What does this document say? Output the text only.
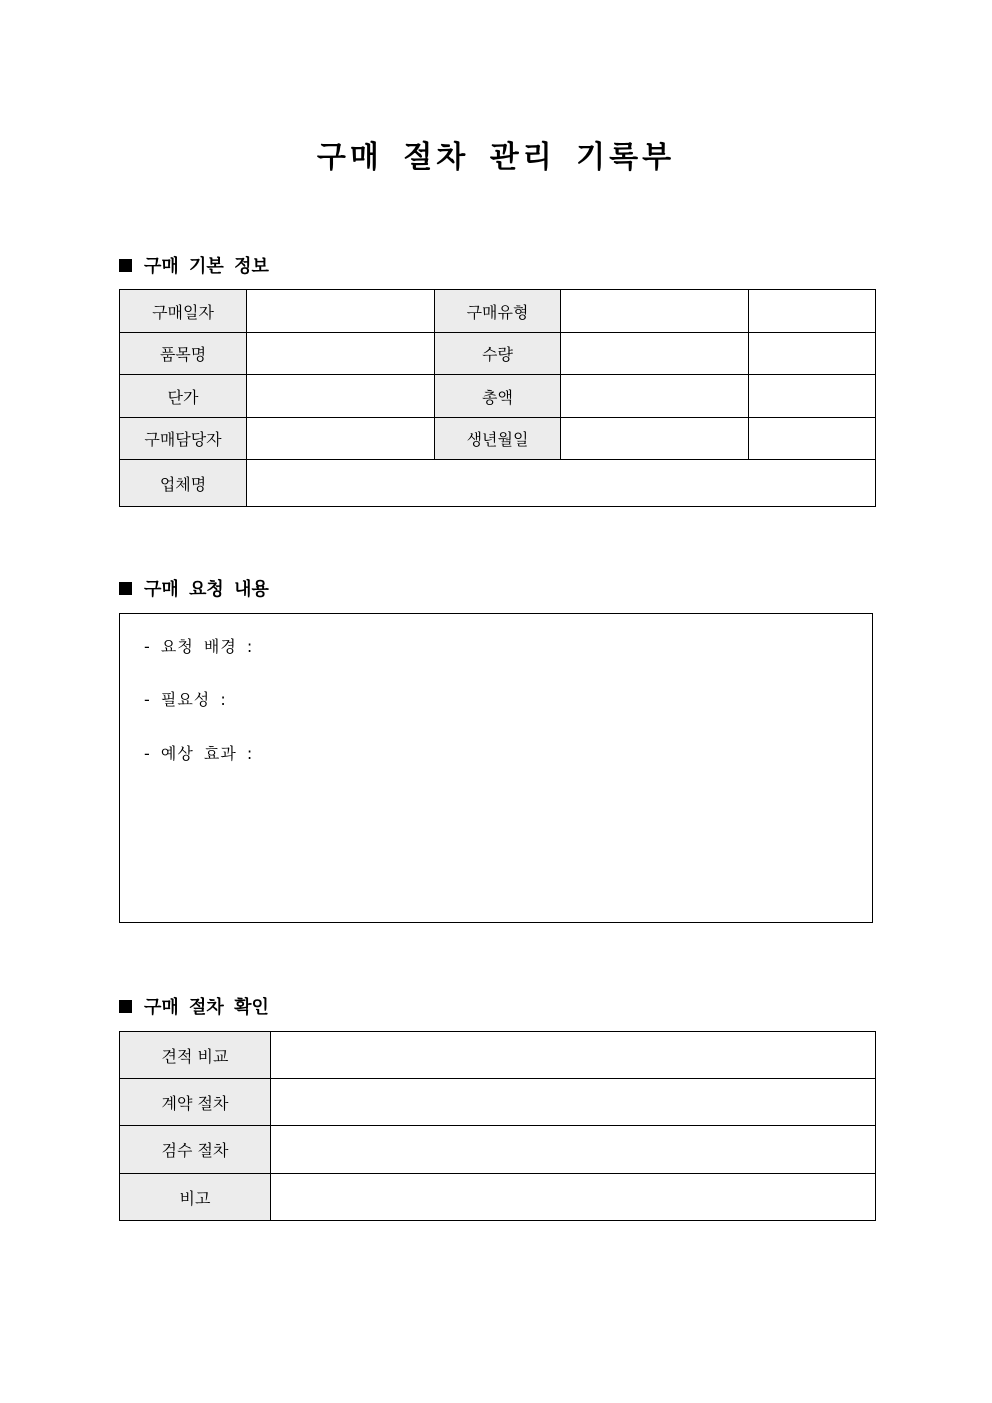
구매 절차 관리 기록부
구매 기본 정보
구매일자		구매유형		
품목명		수량		
단가		총액		
구매담당자		생년월일		
업체명				
구매 요청 내용
- 요청 배경 :
- 필요성 :
- 예상 효과 :
구매 절차 확인
견적 비교	
계약 절차	
검수 절차	
비고	
